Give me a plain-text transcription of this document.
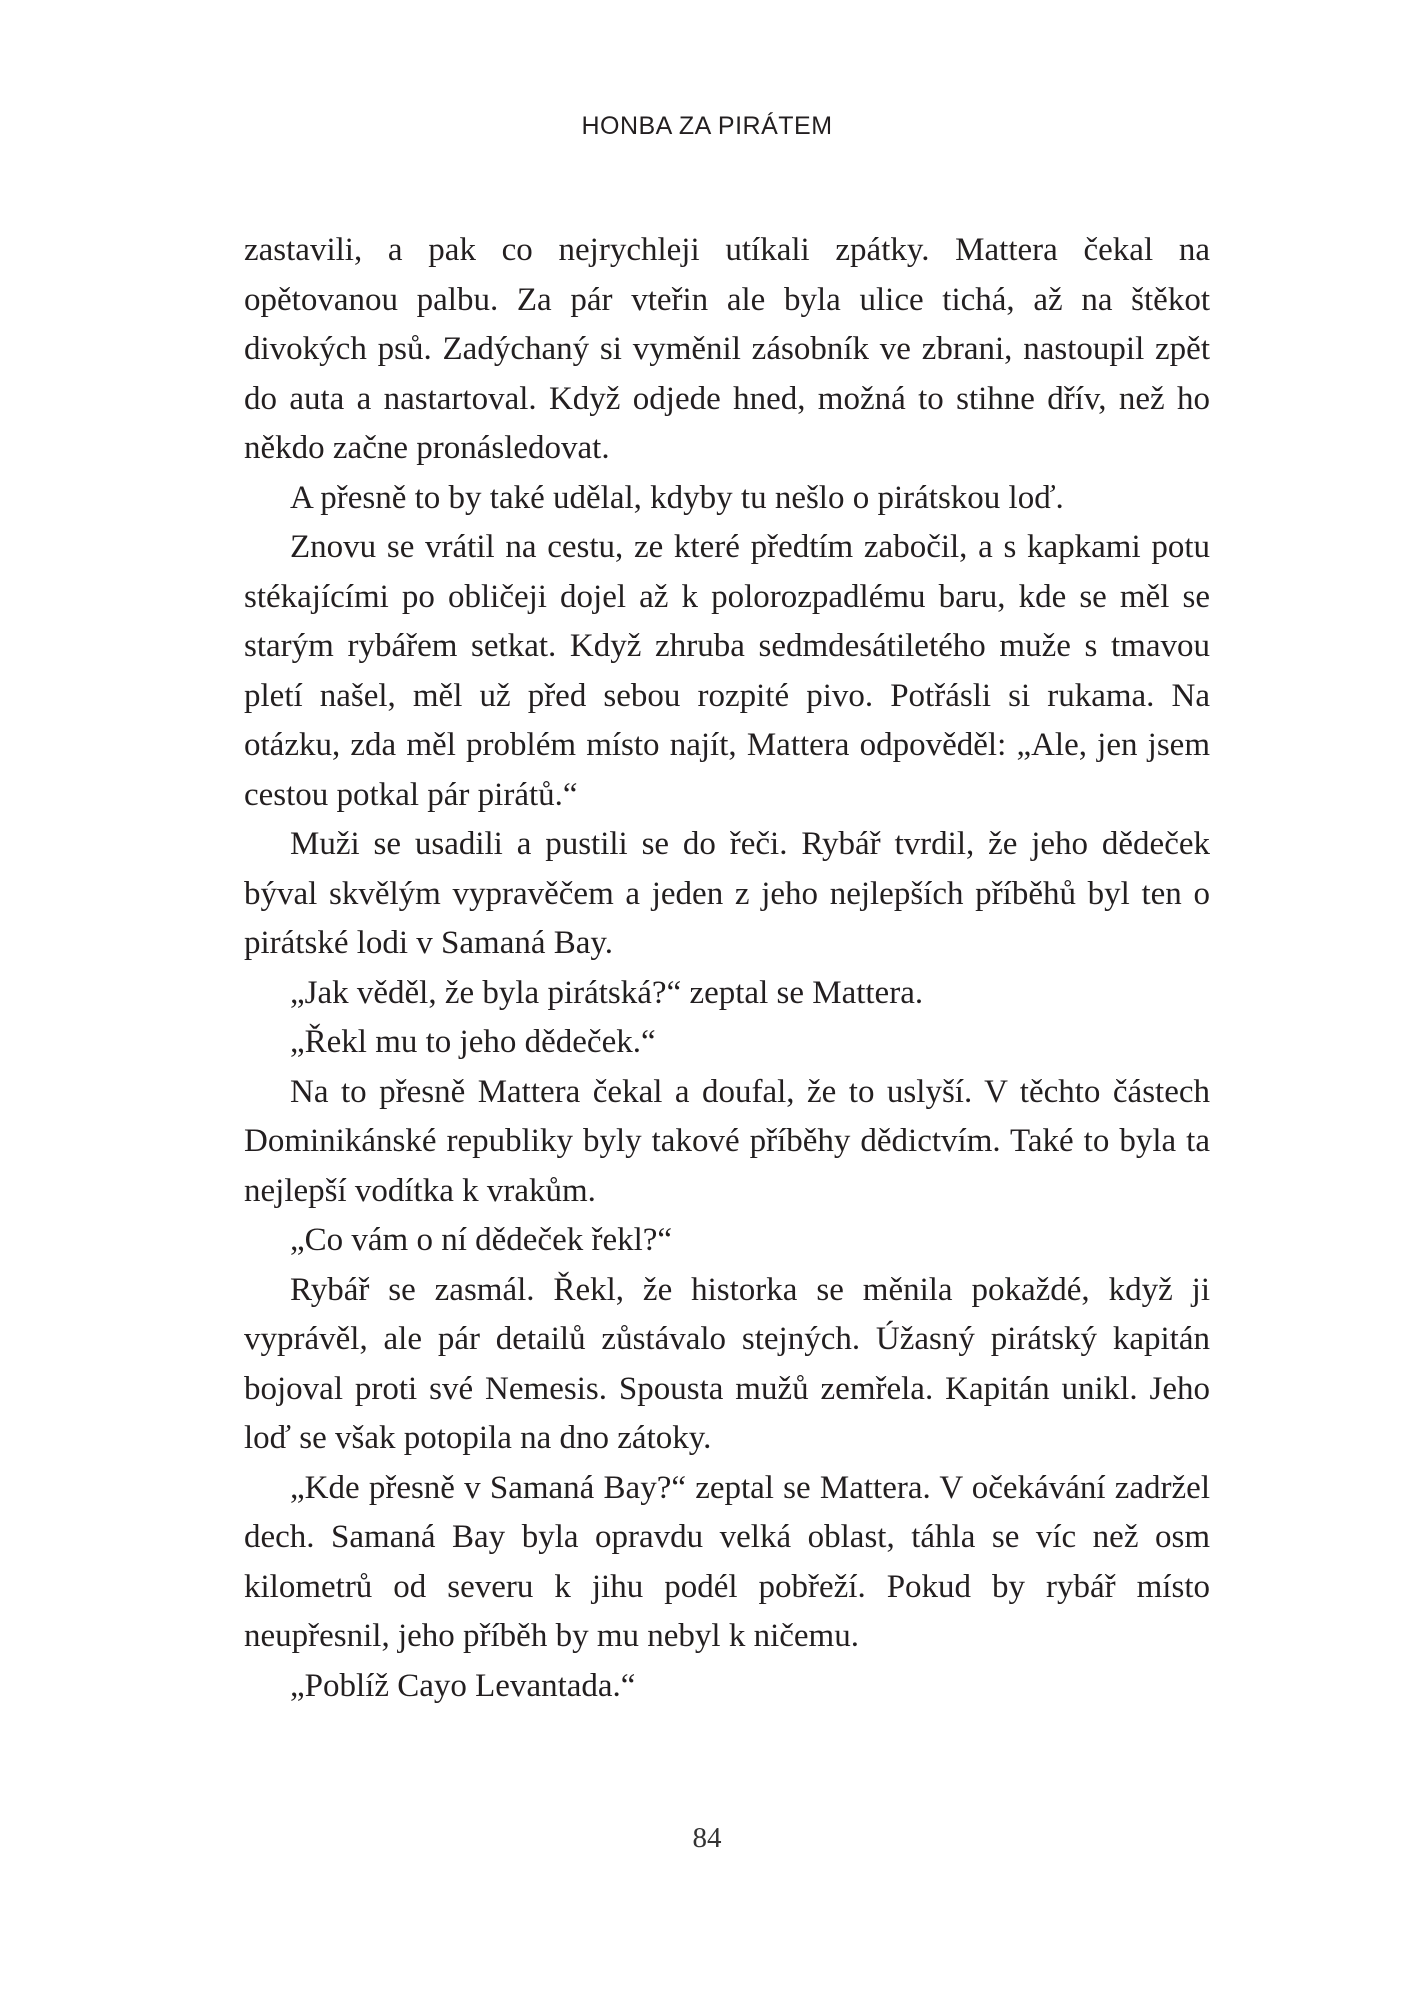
HONBA ZA PIRÁTEM

zastavili, a pak co nejrychleji utíkali zpátky. Mattera čekal na opětovanou palbu. Za pár vteřin ale byla ulice tichá, až na štěkot divokých psů. Zadýchaný si vyměnil zásobník ve zbrani, nastoupil zpět do auta a nastartoval. Když odjede hned, možná to stihne dřív, než ho někdo začne pronásledovat.

A přesně to by také udělal, kdyby tu nešlo o pirátskou loď.

Znovu se vrátil na cestu, ze které předtím zabočil, a s kapkami potu stékajícími po obličeji dojel až k polorozpadlému baru, kde se měl se starým rybářem setkat. Když zhruba sedmdesátiletého muže s tmavou pletí našel, měl už před sebou rozpité pivo. Potřásli si rukama. Na otázku, zda měl problém místo najít, Mattera odpověděl: „Ale, jen jsem cestou potkal pár pirátů.“

Muži se usadili a pustili se do řeči. Rybář tvrdil, že jeho dědeček býval skvělým vypravěčem a jeden z jeho nejlepších příběhů byl ten o pirátské lodi v Samaná Bay.

„Jak věděl, že byla pirátská?“ zeptal se Mattera.

„Řekl mu to jeho dědeček.“

Na to přesně Mattera čekal a doufal, že to uslyší. V těchto částech Dominikánské republiky byly takové příběhy dědictvím. Také to byla ta nejlepší vodítka k vrakům.

„Co vám o ní dědeček řekl?“

Rybář se zasmál. Řekl, že historka se měnila pokaždé, když ji vyprávěl, ale pár detailů zůstávalo stejných. Úžasný pirátský kapitán bojoval proti své Nemesis. Spousta mužů zemřela. Kapitán unikl. Jeho loď se však potopila na dno zátoky.

„Kde přesně v Samaná Bay?“ zeptal se Mattera. V očekávání zadržel dech. Samaná Bay byla opravdu velká oblast, táhla se víc než osm kilometrů od severu k jihu podél pobřeží. Pokud by rybář místo neupřesnil, jeho příběh by mu nebyl k ničemu.

„Poblíž Cayo Levantada.“

84
